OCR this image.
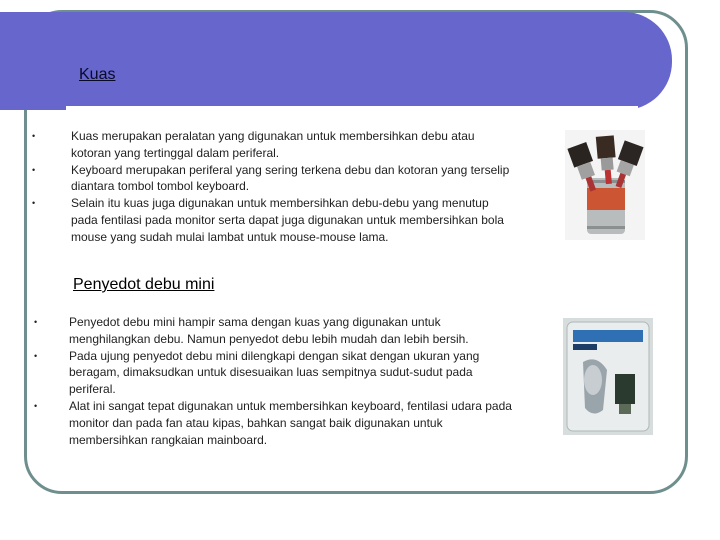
Kuas
• Kuas merupakan peralatan yang digunakan untuk membersihkan debu atau kotoran yang tertinggal dalam periferal.
• Keyboard merupakan periferal yang sering terkena debu dan kotoran yang terselip diantara tombol tombol keyboard.
• Selain itu kuas juga digunakan untuk membersihkan debu-debu yang menutup pada fentilasi pada monitor serta dapat juga digunakan untuk membersihkan bola mouse yang sudah mulai lambat untuk mouse-mouse lama.
Penyedot debu mini
• Penyedot debu mini hampir sama dengan kuas yang digunakan untuk menghilangkan debu. Namun penyedot debu lebih mudah dan lebih bersih.
• Pada ujung penyedot debu mini dilengkapi dengan sikat dengan ukuran yang beragam, dimaksudkan untuk disesuaikan luas sempitnya sudut-sudut pada periferal.
• Alat ini sangat tepat digunakan untuk membersihkan keyboard, fentilasi udara pada monitor dan pada fan atau kipas, bahkan sangat baik digunakan untuk membersihkan rangkaian mainboard.
